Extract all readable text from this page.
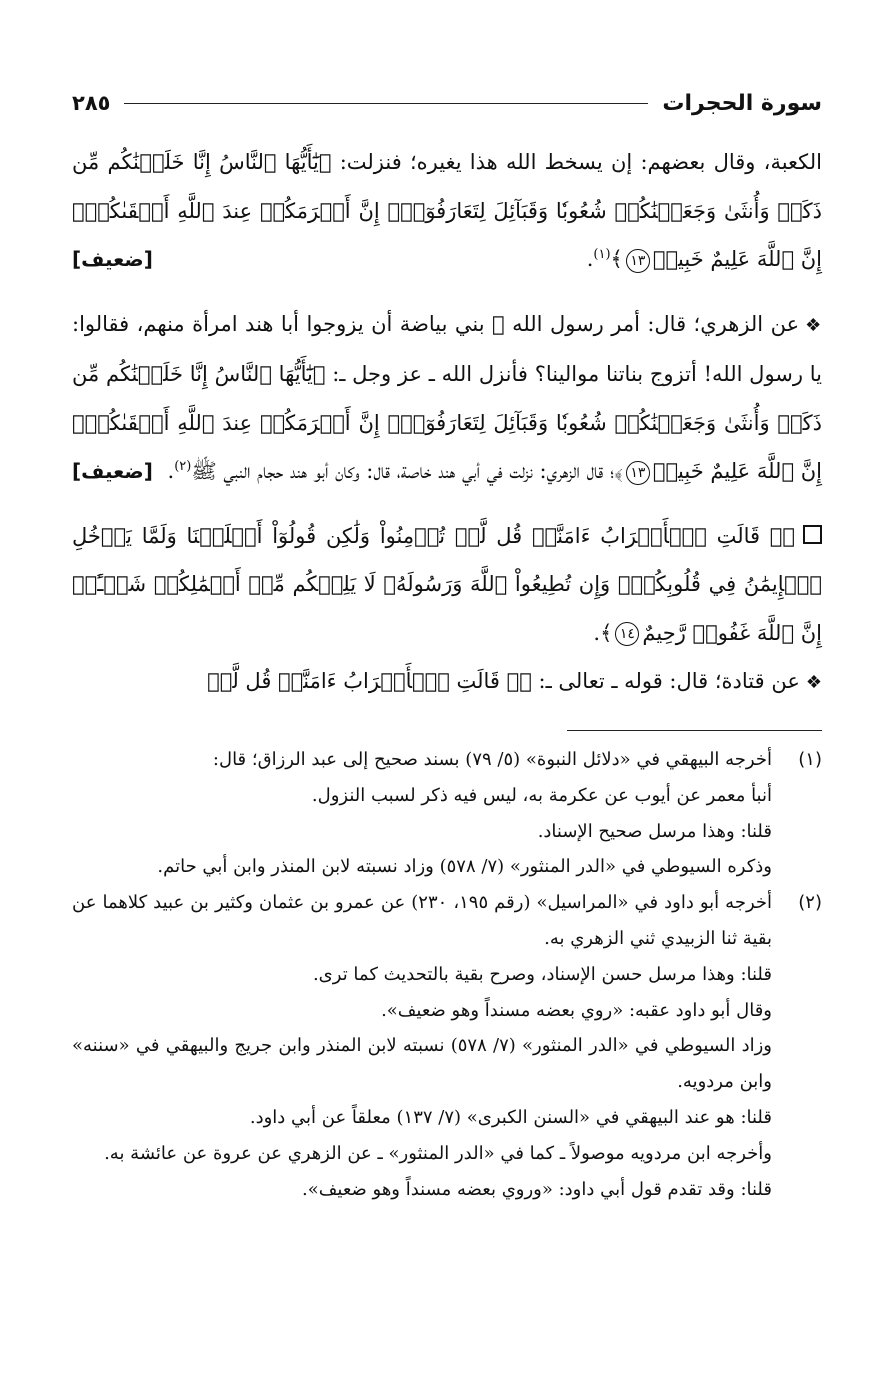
سورة الحجرات
٢٨٥

الكعبة، وقال بعضهم: إن يسخط الله هذا يغيره؛ فنزلت: ﴿يَٰٓأَيُّهَا ٱلنَّاسُ إِنَّا خَلَقۡنَٰكُم مِّن ذَكَرٖ وَأُنثَىٰ وَجَعَلۡنَٰكُمۡ شُعُوبٗا وَقَبَآئِلَ لِتَعَارَفُوٓاْۚ إِنَّ أَكۡرَمَكُمۡ عِندَ ٱللَّهِ أَتۡقَىٰكُمۡۚ إِنَّ ٱللَّهَ عَلِيمٌ خَبِيرٞ١٣﴾$^{(١)}$.
[ضعيف]

❖عن الزهري؛ قال: أمر رسول الله ﷺ بني بياضة أن يزوجوا أبا هند امرأة منهم، فقالوا: يا رسول الله! أتزوج بناتنا موالينا؟ فأنزل الله ـ عز وجل ـ: ﴿يَٰٓأَيُّهَا ٱلنَّاسُ إِنَّا خَلَقۡنَٰكُم مِّن ذَكَرٖ وَأُنثَىٰ وَجَعَلۡنَٰكُمۡ شُعُوبٗا وَقَبَآئِلَ لِتَعَارَفُوٓاْۚ إِنَّ أَكۡرَمَكُمۡ عِندَ ٱللَّهِ أَتۡقَىٰكُمۡۚ إِنَّ ٱللَّهَ عَلِيمٌ خَبِيرٞ١٣﴾؛ قال الزهري: نزلت في أبي هند خاصة، قال: وكان أبو هند حجام النبي ﷺ$^{(٢)}$.
[ضعيف]

﴿۞ قَالَتِ ٱلۡأَعۡرَابُ ءَامَنَّاۖ قُل لَّمۡ تُؤۡمِنُواْ وَلَٰكِن قُولُوٓاْ أَسۡلَمۡنَا وَلَمَّا يَدۡخُلِ ٱلۡإِيمَٰنُ فِي قُلُوبِكُمۡۖ وَإِن تُطِيعُواْ ٱللَّهَ وَرَسُولَهُۥ لَا يَلِتۡكُم مِّنۡ أَعۡمَٰلِكُمۡ شَيۡـًٔاۚ إِنَّ ٱللَّهَ غَفُورٞ رَّحِيمٌ١٤﴾.

❖عن قتادة؛ قال: قوله ـ تعالى ـ: ﴿۞ قَالَتِ ٱلۡأَعۡرَابُ ءَامَنَّاۖ قُل لَّمۡ

(١)
أخرجه البيهقي في «دلائل النبوة» (٥/ ٧٩) بسند صحيح إلى عبد الرزاق؛ قال:
أنبأ معمر عن أيوب عن عكرمة به، ليس فيه ذكر لسبب النزول.
قلنا: وهذا مرسل صحيح الإسناد.
وذكره السيوطي في «الدر المنثور» (٧/ ٥٧٨) وزاد نسبته لابن المنذر وابن أبي حاتم.
(٢)
أخرجه أبو داود في «المراسيل» (رقم ١٩٥، ٢٣٠) عن عمرو بن عثمان وكثير بن عبيد كلاهما عن بقية ثنا الزبيدي ثني الزهري به.
قلنا: وهذا مرسل حسن الإسناد، وصرح بقية بالتحديث كما ترى.
وقال أبو داود عقبه: «روي بعضه مسنداً وهو ضعيف».
وزاد السيوطي في «الدر المنثور» (٧/ ٥٧٨) نسبته لابن المنذر وابن جريج والبيهقي في «سننه» وابن مردويه.
قلنا: هو عند البيهقي في «السنن الكبرى» (٧/ ١٣٧) معلقاً عن أبي داود.
وأخرجه ابن مردويه موصولاً ـ كما في «الدر المنثور» ـ عن الزهري عن عروة عن عائشة به.
قلنا: وقد تقدم قول أبي داود: «وروي بعضه مسنداً وهو ضعيف».
